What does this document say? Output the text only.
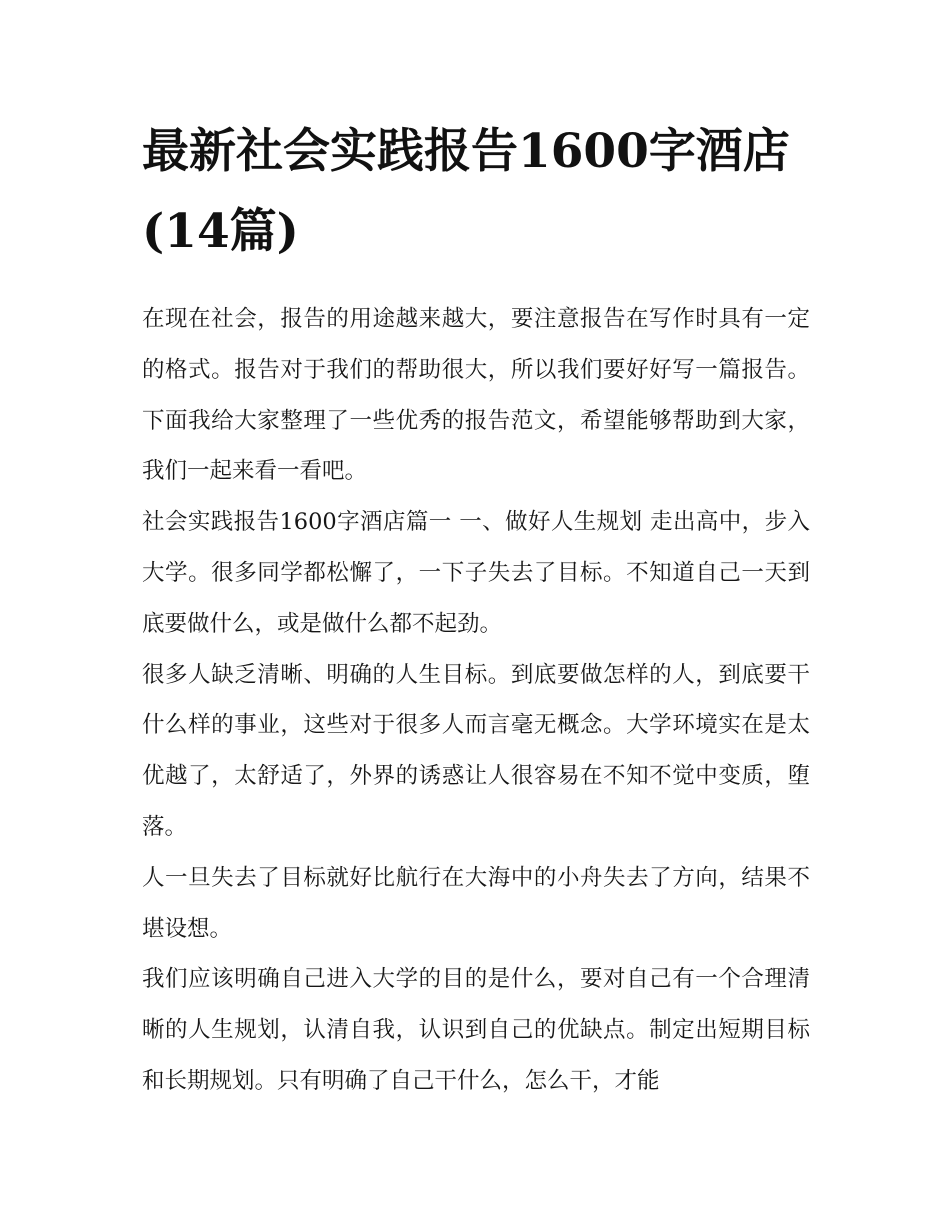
最新社会实践报告1600字酒店(14篇)

在现在社会，报告的用途越来越大，要注意报告在写作时具有一定的格式。报告对于我们的帮助很大，所以我们要好好写一篇报告。下面我给大家整理了一些优秀的报告范文，希望能够帮助到大家，我们一起来看一看吧。

社会实践报告1600字酒店篇一 一、做好人生规划 走出高中，步入大学。很多同学都松懈了，一下子失去了目标。不知道自己一天到底要做什么，或是做什么都不起劲。

很多人缺乏清晰、明确的人生目标。到底要做怎样的人，到底要干什么样的事业，这些对于很多人而言毫无概念。大学环境实在是太优越了，太舒适了，外界的诱惑让人很容易在不知不觉中变质，堕落。

人一旦失去了目标就好比航行在大海中的小舟失去了方向，结果不堪设想。

我们应该明确自己进入大学的目的是什么，要对自己有一个合理清晰的人生规划，认清自我，认识到自己的优缺点。制定出短期目标和长期规划。只有明确了自己干什么，怎么干，才能
